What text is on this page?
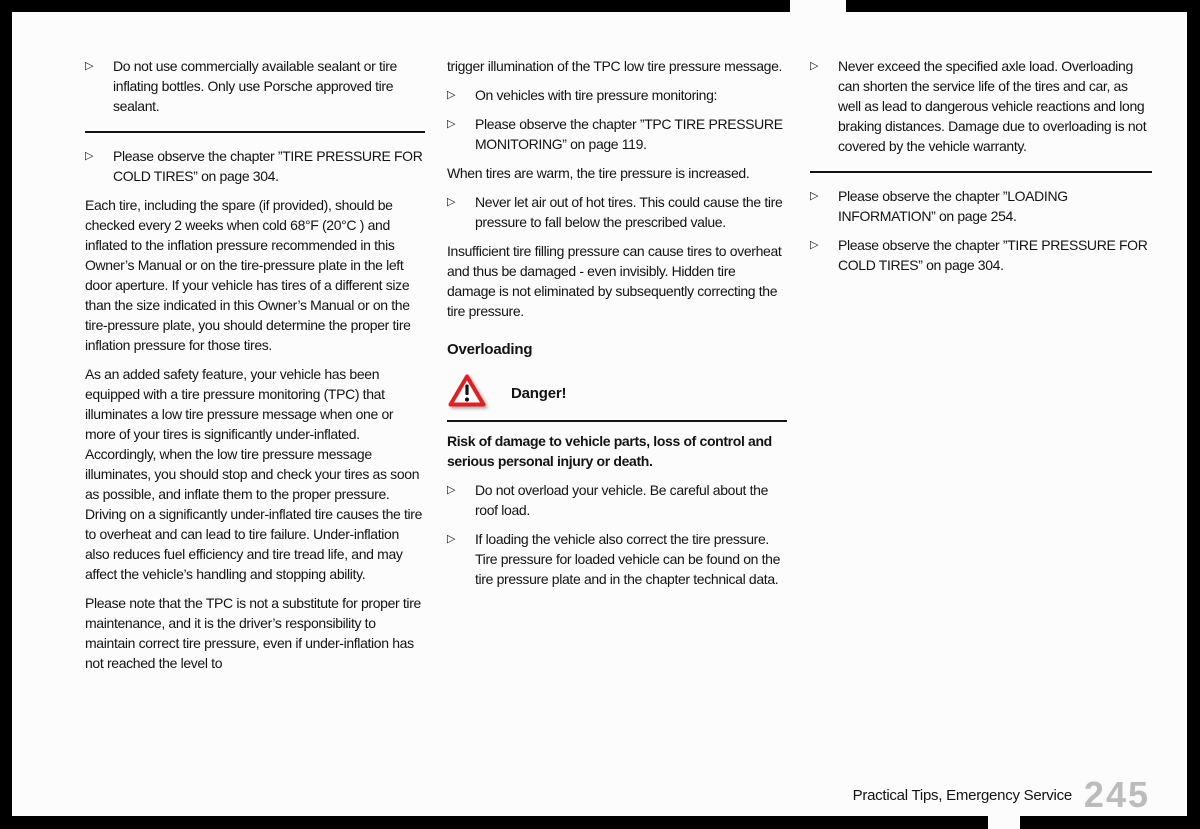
▷	Do not use commercially available sealant or tire inflating bottles. Only use Porsche approved tire sealant.
▷	Please observe the chapter ”TIRE PRESSURE FOR COLD TIRES” on page 304.

Each tire, including the spare (if provided), should be checked every 2 weeks when cold 68°F (20°C ) and inflated to the inflation pressure recommended in this Owner’s Manual or on the tire-pressure plate in the left door aperture. If your vehicle has tires of a different size than the size indicated in this Owner’s Manual or on the tire-pressure plate, you should determine the proper tire inflation pressure for those tires.

As an added safety feature, your vehicle has been equipped with a tire pressure monitoring (TPC) that illuminates a low tire pressure message when one or more of your tires is significantly under-inflated. Accordingly, when the low tire pressure message illuminates, you should stop and check your tires as soon as possible, and inflate them to the proper pressure. Driving on a significantly under-inflated tire causes the tire to overheat and can lead to tire failure. Under-inflation also reduces fuel efficiency and tire tread life, and may affect the vehicle’s handling and stopping ability.

Please note that the TPC is not a substitute for proper tire maintenance, and it is the driver’s responsibility to maintain correct tire pressure, even if under-inflation has not reached the level to

trigger illumination of the TPC low tire pressure message.

▷	On vehicles with tire pressure monitoring:
▷	Please observe the chapter ”TPC TIRE PRESSURE MONITORING” on page 119.

When tires are warm, the tire pressure is increased.

▷	Never let air out of hot tires. This could cause the tire pressure to fall below the prescribed value.

Insufficient tire filling pressure can cause tires to overheat and thus be damaged - even invisibly. Hidden tire damage is not eliminated by subsequently correcting the tire pressure.

Overloading
Danger!

Risk of damage to vehicle parts, loss of control and serious personal injury or death.

▷	Do not overload your vehicle. Be careful about the roof load.
▷	If loading the vehicle also correct the tire pressure. Tire pressure for loaded vehicle can be found on the tire pressure plate and in the chapter technical data.
▷	Never exceed the specified axle load. Overloading can shorten the service life of the tires and car, as well as lead to dangerous vehicle reactions and long braking distances. Damage due to overloading is not covered by the vehicle warranty.
▷	Please observe the chapter ”LOADING INFORMATION” on page 254.
▷	Please observe the chapter ”TIRE PRESSURE FOR COLD TIRES” on page 304.
Practical Tips, Emergency Service 245
